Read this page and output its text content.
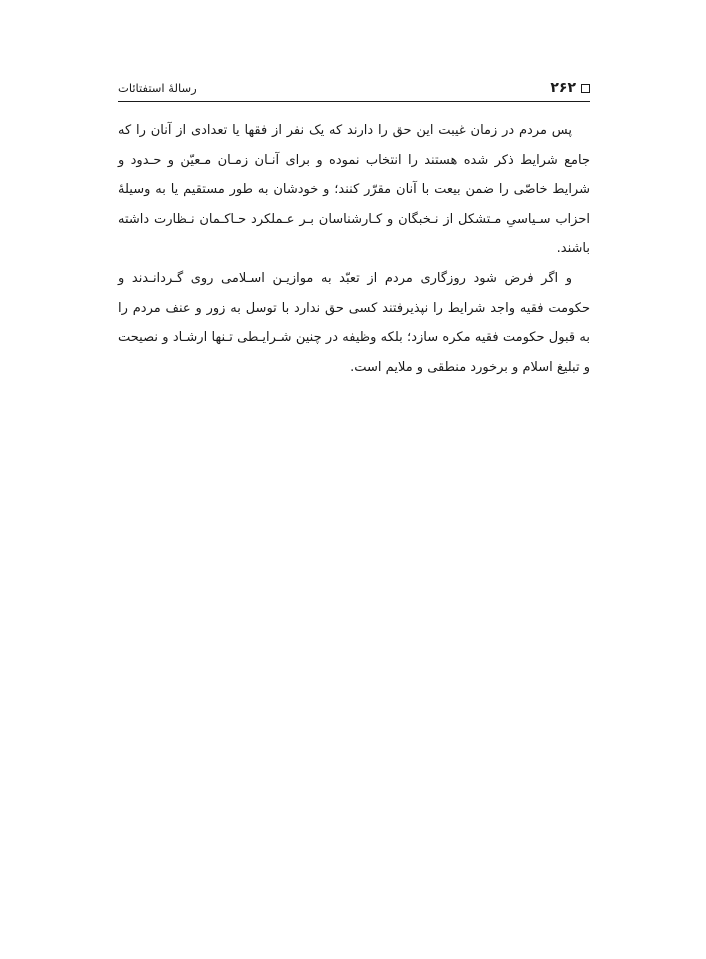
۲۶۲
رسالۀ استفتائات

پس مردم در زمان غیبت این حق را دارند که یک نفر از فقها یا تعدادی از آنان را که جامع شرایط ذکر شده هستند را انتخاب نموده و برای آنـان زمـان مـعیّن و حـدود و شرایط خاصّی را ضمن بیعت با آنان مقرّر کنند؛ و خودشان به طور مستقیم یا به وسیلۀ احزاب سـیاسیِ مـتشکل از نـخبگان و کـارشناسان بـر عـملکرد حـاکـمان نـظارت داشته باشند.

و اگر فرض شود روزگاری مردم از تعبّد به موازیـن اسـلامی روی گـردانـدند و حکومت فقیه واجد شرایط را نپذیرفتند کسی حق ندارد با توسل به زور و عنف مردم را به قبول حکومت فقیه مکره سازد؛ بلکه وظیفه در چنین شـرایـطی تـنها ارشـاد و نصیحت و تبلیغ اسلام و برخورد منطقی و ملایم است.
